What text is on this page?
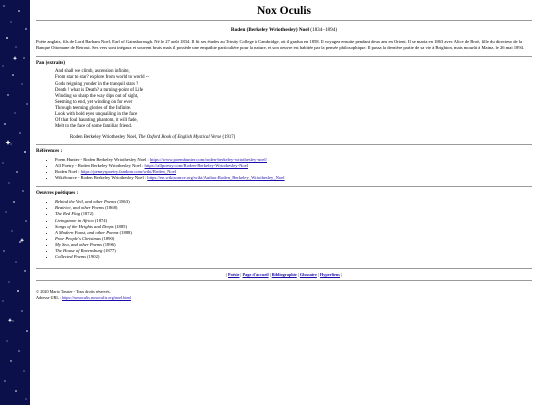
Nox Oculis
Roden (Berkeley Wriothesley) Noel (1834–1894)

Poète anglais, fils de Lord Barham Noel, Earl of Gainsborough. Né le 27 août 1834. Il fit ses études au Trinity College à Cambridge, où il gradua en 1858. Il voyagea ensuite pendant deux ans en Orient. Il se maria en 1863 avec Alice de Broë, fille du directeur de la Banque Ottomane de Beirout. Ses vers sont inégaux et souvent bruts mais il possède une empathie particulière pour la nature, et son oeuvre est habitée par la pensée philosophique. Il passa la dernière partie de sa vie à Brighton, mais mourût à Mainz, le 26 mai 1894.

Pan (extraits)
And shall we climb, ascension infinite,
From star to star? explore from world to world --
Gods reigning yonder in the tranquil stars ?
Death ! what is Death? a turning-point of Life
Winding so sharp the way dips out of sight,
Seeming to end, yet winding on for ever
Through teeming glories of the Infinite.
Look with bold eyes unquailing in the face
Of that foul haunting phantom, it will fade,
Melt to the face of some familiar friend.
Roden Berkeley Wriothesley Noel, The Oxford Book of English Mystical Verse (1917)
Références :
• Poem Hunter - Roden Berkeley Wriothesley Noel : https://www.poemhunter.com/roden-berkeley-wriothesley-noel/
• All Poetry - Roden Berkeley Wriothesley Noel : https://allpoetry.com/Roden-Berkeley-Wriothesley-Noel
• Roden Noel : https://pennyspoetry.fandom.com/wiki/Roden_Noel
• WikiSource - Roden Berkeley Wriothesley Noel : https://en.wikisource.org/wiki/Author:Roden_Berkeley_Wriothesley_Noel
Oeuvres poétiques :
• Behind the Veil, and other Poems (1863)
• Beatrice, and other Poems (1868)
• The Red Flag (1872)
• Livingstone in Africa (1874)
• Songs of the Heights and Deeps (1885)
• A Modern Faust, and other Poems (1888)
• Poor People's Christmas (1890)
• My Sea, and other Poems (1896)
• The House of Ravensburg (1877)
• Collected Poems (1902)
| Poésie | Page d'accueil | Bibliographie | Glossaire | Hyperliens |
© 2020 Mario Tassier - Tous droits réservés.
Adresse URL : https://noxoculis.noxoculis.org/noel.html
